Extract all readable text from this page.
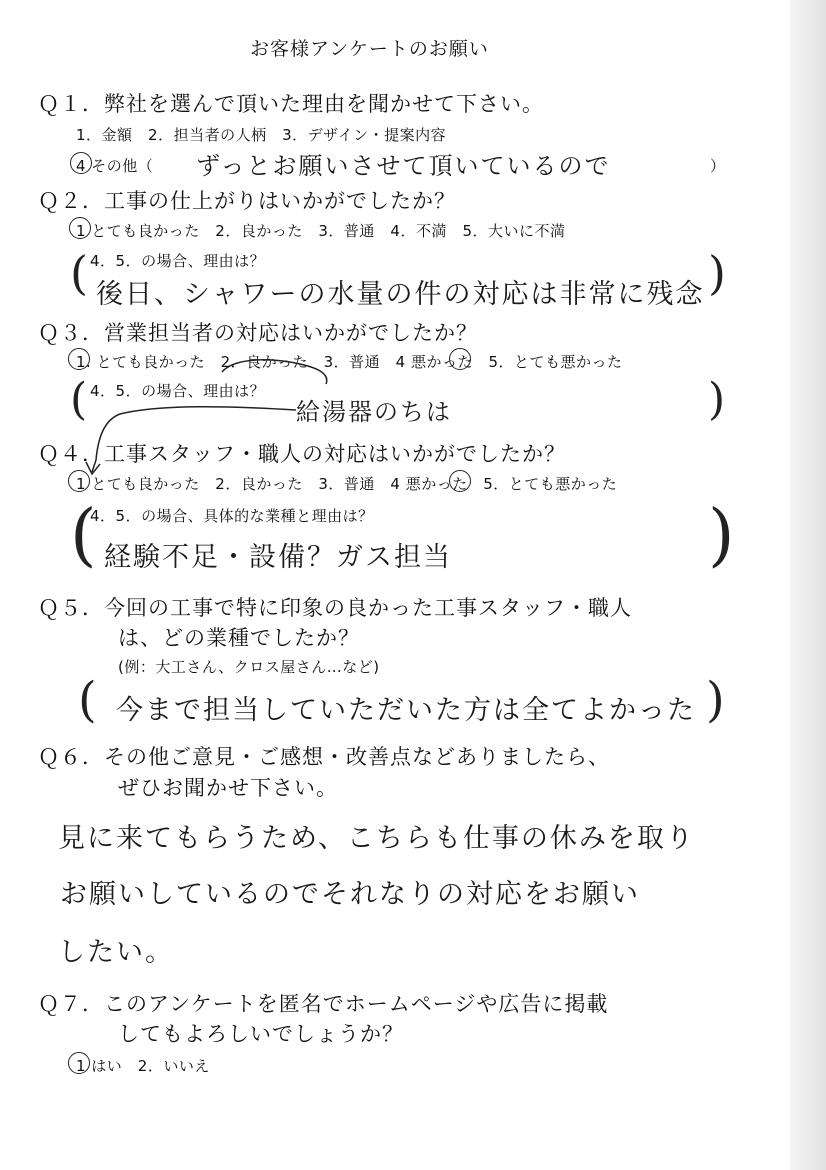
お客様アンケートのお願い
Ｑ１．弊社を選んで頂いた理由を聞かせて下さい。
1．金額　2．担当者の人柄　3．デザイン・提案内容
4 その他（ ずっとお願いさせて頂いているので	）
Ｑ２．工事の仕上がりはいかがでしたか？
1 とても良かった　2．良かった　3．普通　4．不満　5．大いに不満
( 4．5．の場合、理由は？
後日、シャワーの水量の件の対応は非常に残念 )
Ｑ３．営業担当者の対応はいかがでしたか？
1. とても良かった　2．良かった　3．普通　4 悪かった　5．とても悪かった
( 4．5．の場合、理由は？
給湯器のちは	)
Ｑ４．工事スタッフ・職人の対応はいかがでしたか？
1 とても良かった　2．良かった　3．普通　4 悪かった　5．とても悪かった
(
4．5．の場合、具体的な業種と理由は？
経験不足・設備？ガス担当	)
Ｑ５．今回の工事で特に印象の良かった工事スタッフ・職人
は、どの業種でしたか？
(例：大工さん、クロス屋さん…など)
( 今まで担当していただいた方は全てよかった )
Ｑ６．その他ご意見・ご感想・改善点などありましたら、
ぜひお聞かせ下さい。
見に来てもらうため、こちらも仕事の休みを取り
お願いしているのでそれなりの対応をお願い
したい。
Ｑ７．このアンケートを匿名でホームページや広告に掲載
してもよろしいでしょうか？
1 はい　2．いいえ
